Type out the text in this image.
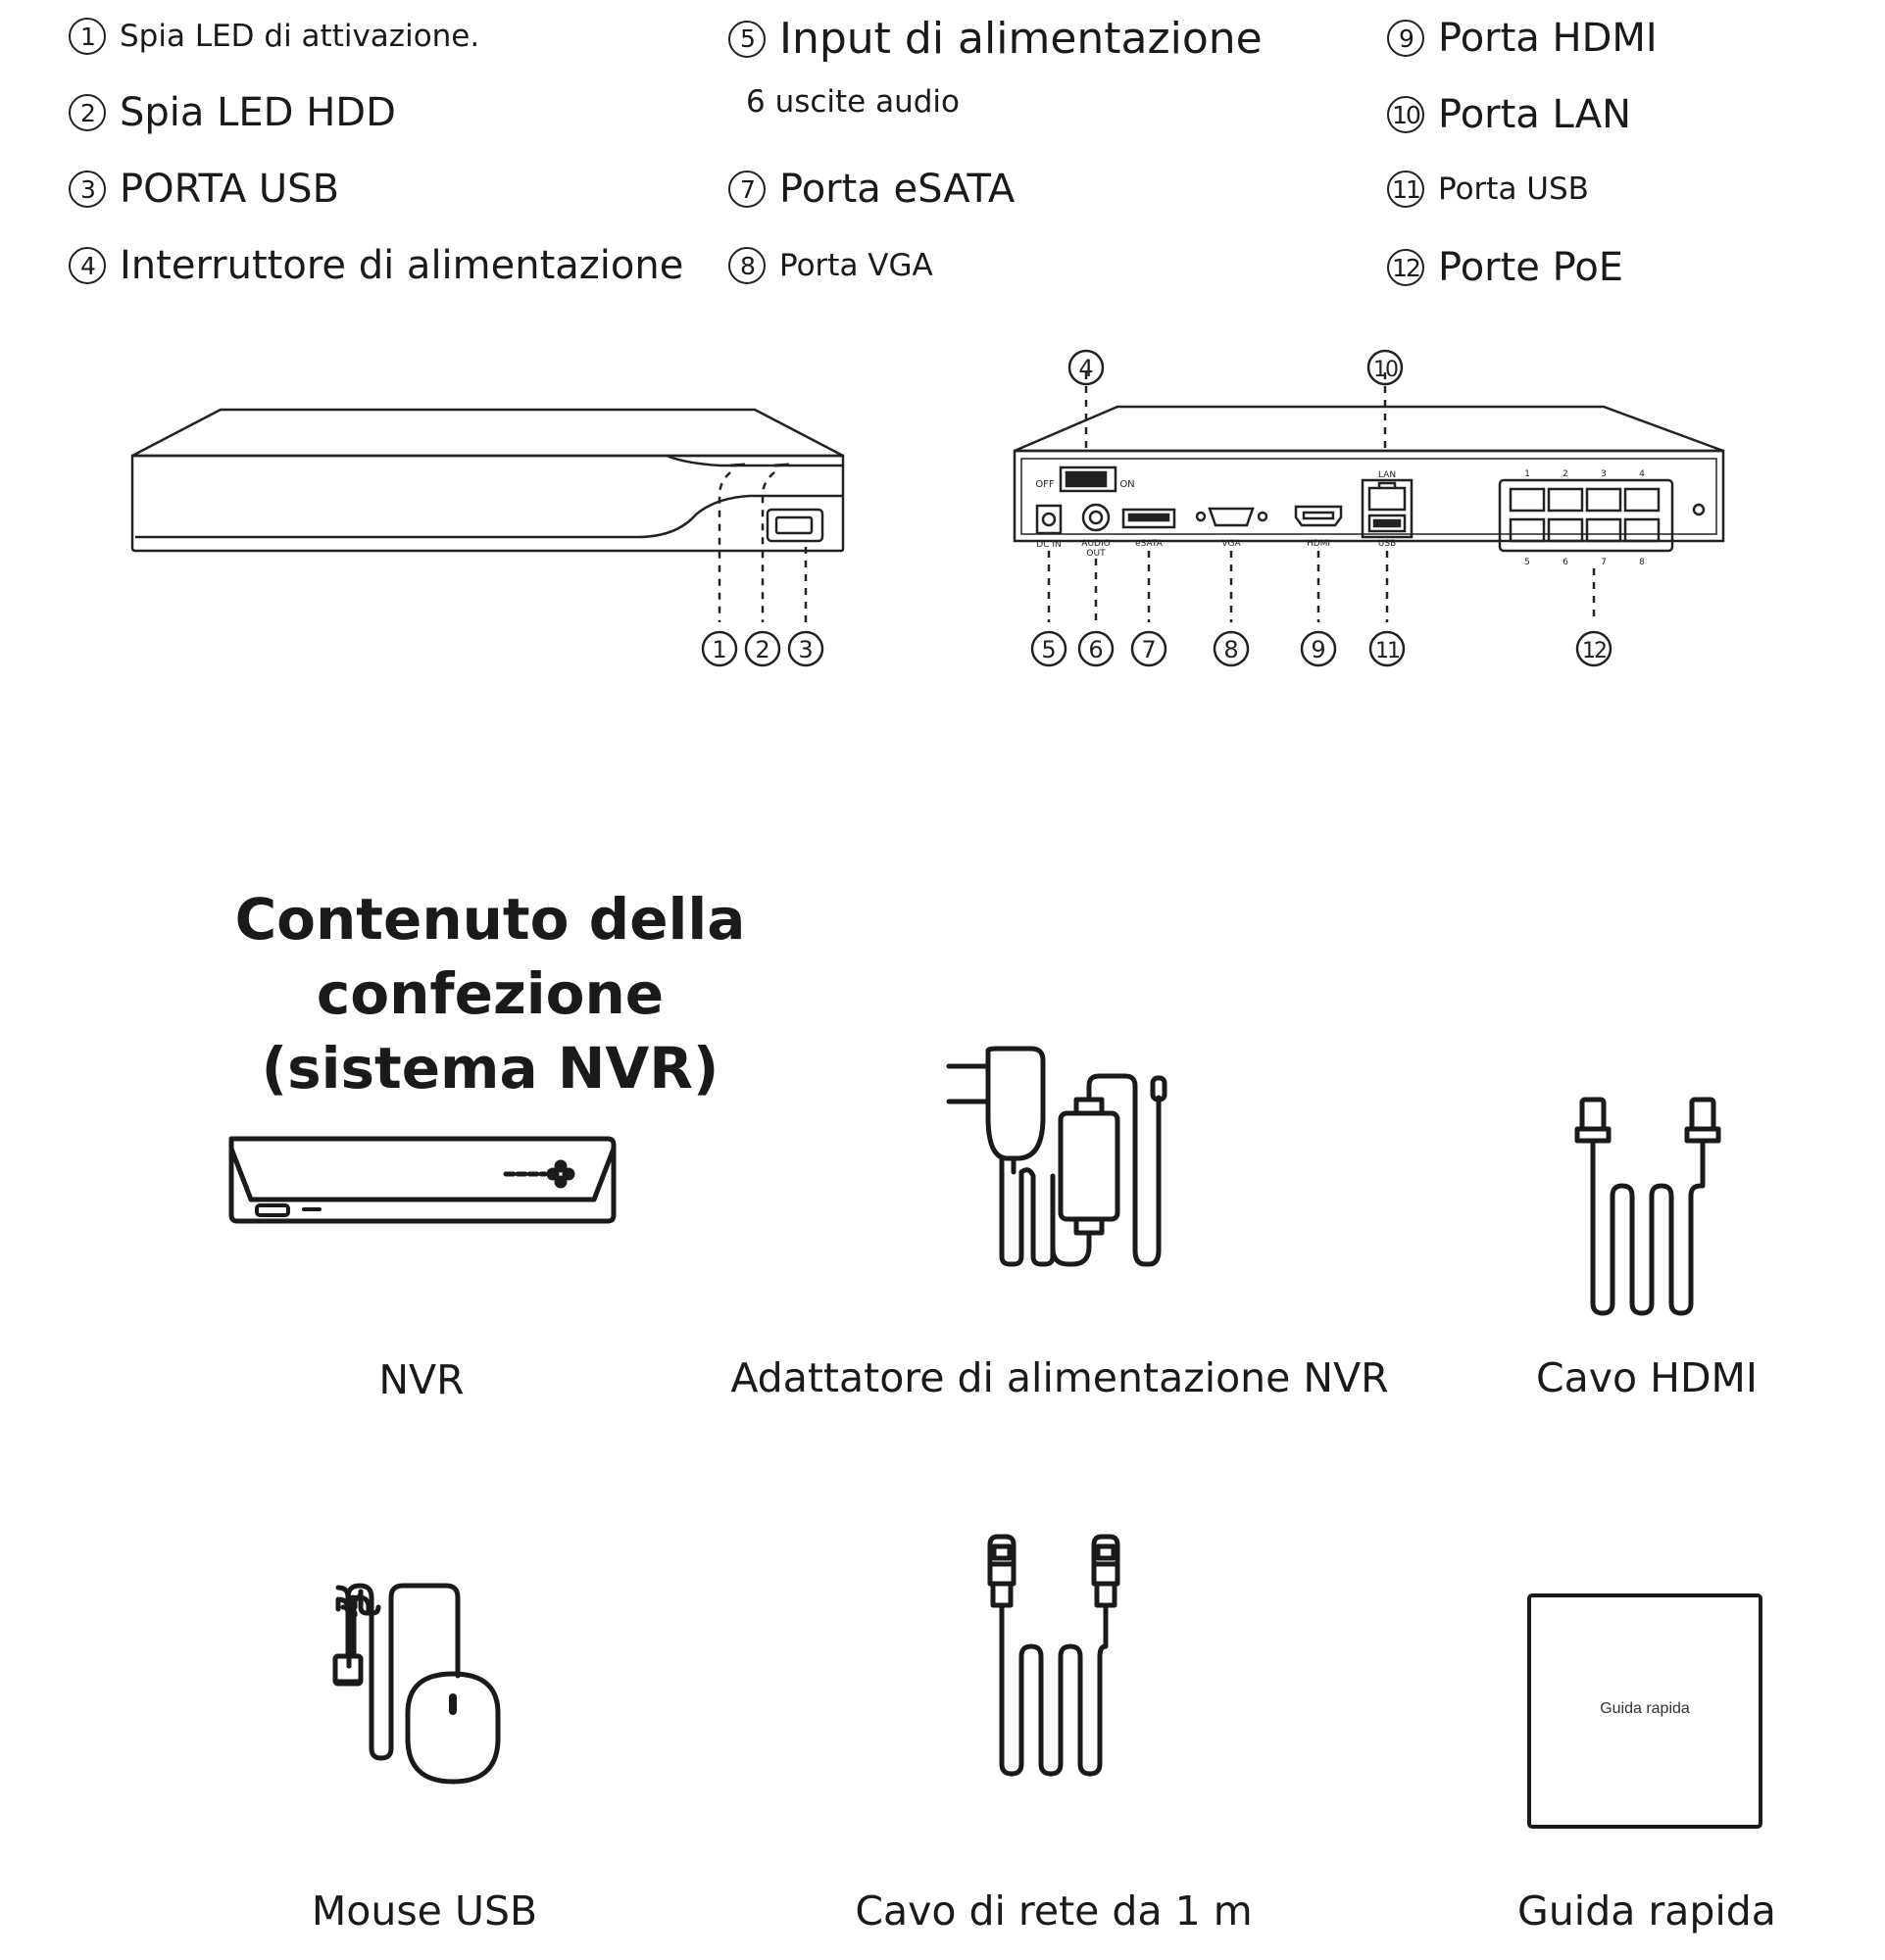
1 Spia LED di attivazione.
2 Spia LED HDD
3 PORTA USB
4 Interruttore di alimentazione
5 Input di alimentazione
6 uscite audio
7 Porta eSATA
8 Porta VGA
9 Porta HDMI
10 Porta LAN
11 Porta USB
12 Porte PoE
1 2 3
OFF	ON
DC IN AUDIO
OUT
eSATA	VGA	HDMI
LAN
USB
1	2	3	4
5	6	7	8
4	10
5 6 7	8	9 11	12
Contenuto della confezione
(sistema NVR)
Guida rapida
NVR	Adattatore di alimentazione NVR	Cavo HDMI
Mouse USB	Cavo di rete da 1 m	Guida rapida
